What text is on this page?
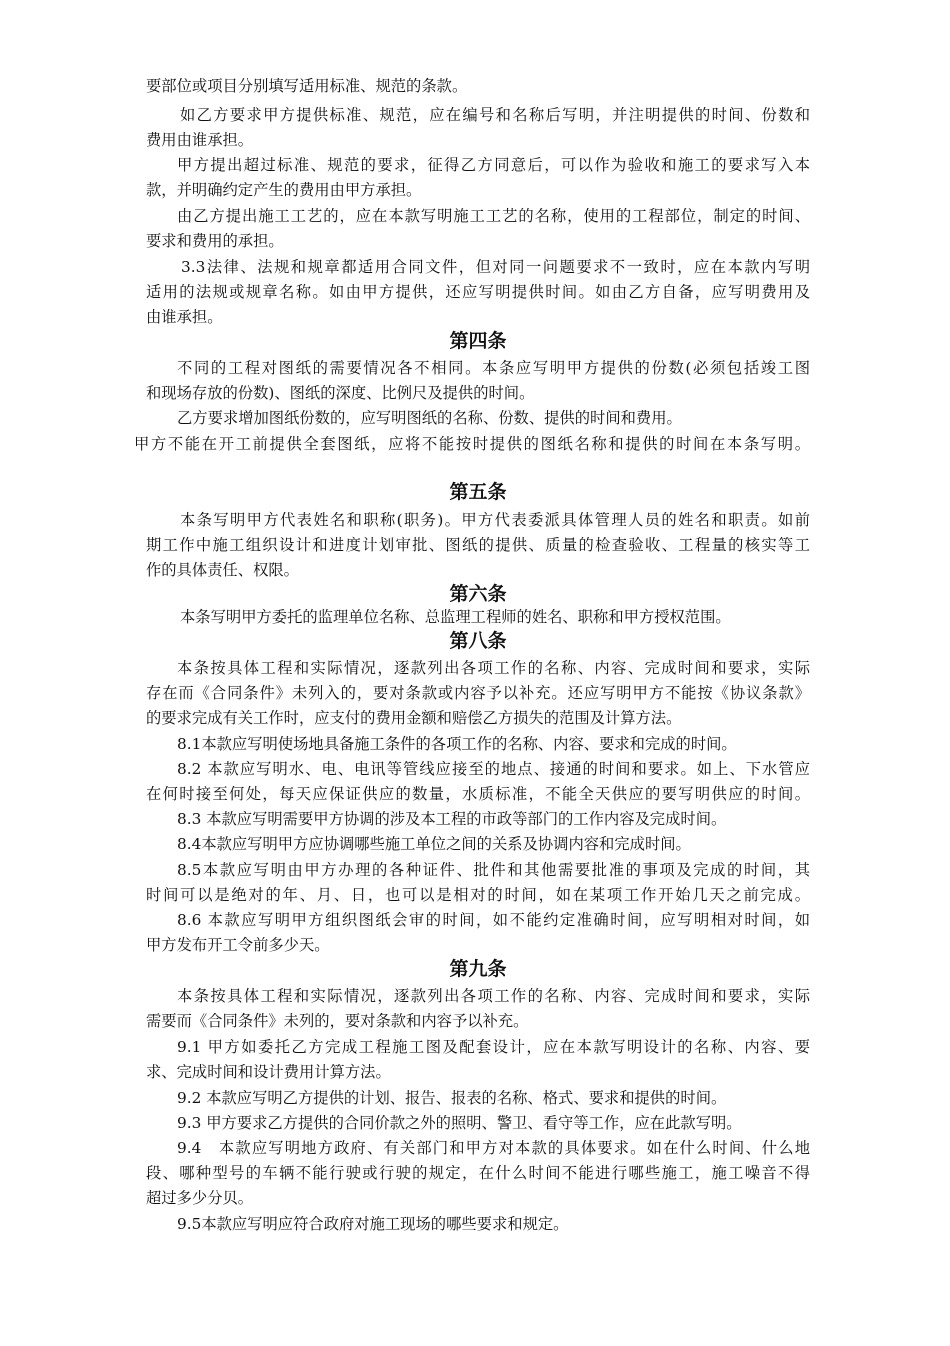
要部位或项目分别填写适用标准、规范的条款。
如乙方要求甲方提供标准、规范，应在编号和名称后写明，并注明提供的时间、份数和
费用由谁承担。
甲方提出超过标准、规范的要求，征得乙方同意后，可以作为验收和施工的要求写入本
款，并明确约定产生的费用由甲方承担。
由乙方提出施工工艺的，应在本款写明施工工艺的名称，使用的工程部位，制定的时间、
要求和费用的承担。
3.3法律、法规和规章都适用合同文件，但对同一问题要求不一致时，应在本款内写明
适用的法规或规章名称。如由甲方提供，还应写明提供时间。如由乙方自备，应写明费用及
由谁承担。
第四条
不同的工程对图纸的需要情况各不相同。本条应写明甲方提供的份数(必须包括竣工图
和现场存放的份数)、图纸的深度、比例尺及提供的时间。
乙方要求增加图纸份数的，应写明图纸的名称、份数、提供的时间和费用。
甲方不能在开工前提供全套图纸，应将不能按时提供的图纸名称和提供的时间在本条写明。
第五条
本条写明甲方代表姓名和职称(职务)。甲方代表委派具体管理人员的姓名和职责。如前
期工作中施工组织设计和进度计划审批、图纸的提供、质量的检查验收、工程量的核实等工
作的具体责任、权限。
第六条
本条写明甲方委托的监理单位名称、总监理工程师的姓名、职称和甲方授权范围。
第八条
本条按具体工程和实际情况，逐款列出各项工作的名称、内容、完成时间和要求，实际
存在而《合同条件》未列入的，要对条款或内容予以补充。还应写明甲方不能按《协议条款》
的要求完成有关工作时，应支付的费用金额和赔偿乙方损失的范围及计算方法。
8.1本款应写明使场地具备施工条件的各项工作的名称、内容、要求和完成的时间。
8.2 本款应写明水、电、电讯等管线应接至的地点、接通的时间和要求。如上、下水管应
在何时接至何处，每天应保证供应的数量，水质标准，不能全天供应的要写明供应的时间。
8.3 本款应写明需要甲方协调的涉及本工程的市政等部门的工作内容及完成时间。
8.4本款应写明甲方应协调哪些施工单位之间的关系及协调内容和完成时间。
8.5本款应写明由甲方办理的各种证件、批件和其他需要批准的事项及完成的时间，其
时间可以是绝对的年、月、日，也可以是相对的时间，如在某项工作开始几天之前完成。
8.6 本款应写明甲方组织图纸会审的时间，如不能约定准确时间，应写明相对时间，如
甲方发布开工令前多少天。
第九条
本条按具体工程和实际情况，逐款列出各项工作的名称、内容、完成时间和要求，实际
需要而《合同条件》未列的，要对条款和内容予以补充。
9.1 甲方如委托乙方完成工程施工图及配套设计，应在本款写明设计的名称、内容、要
求、完成时间和设计费用计算方法。
9.2 本款应写明乙方提供的计划、报告、报表的名称、格式、要求和提供的时间。
9.3 甲方要求乙方提供的合同价款之外的照明、警卫、看守等工作，应在此款写明。
9.4　本款应写明地方政府、有关部门和甲方对本款的具体要求。如在什么时间、什么地
段、哪种型号的车辆不能行驶或行驶的规定，在什么时间不能进行哪些施工，施工噪音不得
超过多少分贝。
9.5本款应写明应符合政府对施工现场的哪些要求和规定。
